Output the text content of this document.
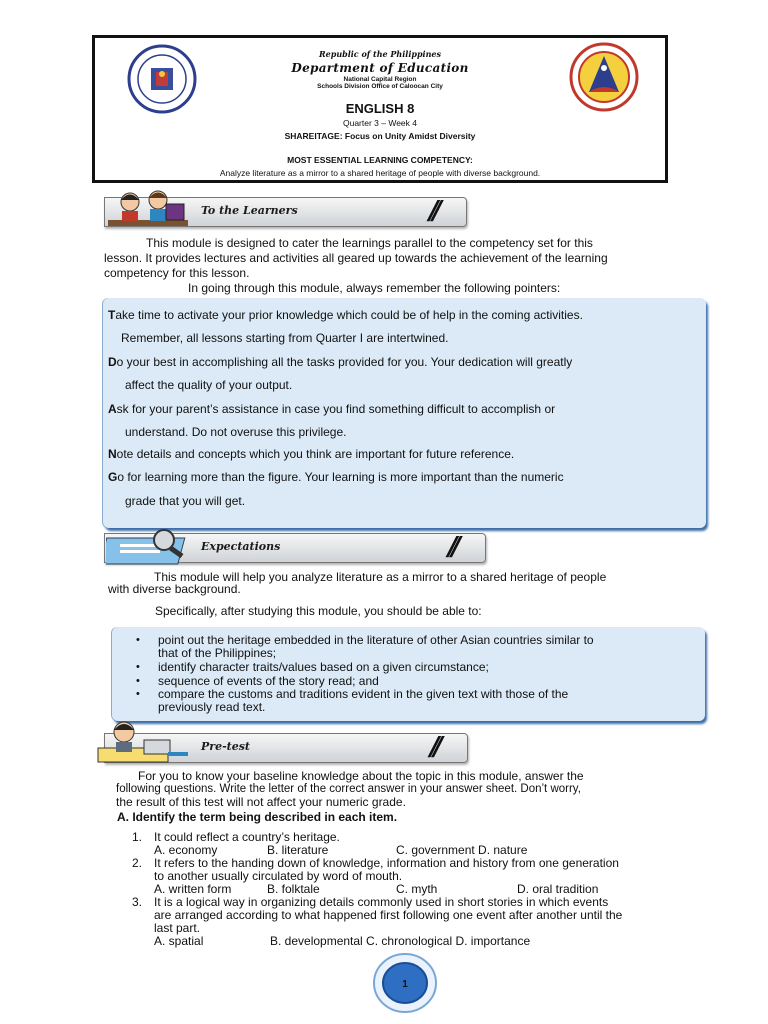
Republic of the Philippines
Department of Education
National Capital Region
Schools Division Office of Caloocan City
ENGLISH 8
Quarter 3 – Week 4
SHAREITAGE: Focus on Unity Amidst Diversity
MOST ESSENTIAL LEARNING COMPETENCY:
Analyze literature as a mirror to a shared heritage of people with diverse background.
To the Learners	//
This module is designed to cater the learnings parallel to the competency set for this
lesson. It provides lectures and activities all geared up towards the achievement of the learning
competency for this lesson.
In going through this module, always remember the following pointers:
Take time to activate your prior knowledge which could be of help in the coming activities.
Remember, all lessons starting from Quarter I are intertwined.
Do your best in accomplishing all the tasks provided for you. Your dedication will greatly
affect the quality of your output.
Ask for your parent’s assistance in case you find something difficult to accomplish or
understand. Do not overuse this privilege.
Note details and concepts which you think are important for future reference.
Go for learning more than the figure. Your learning is more important than the numeric
grade that you will get.
Expectations	//
This module will help you analyze literature as a mirror to a shared heritage of people
with diverse background.
Specifically, after studying this module, you should be able to:
• point out the heritage embedded in the literature of other Asian countries similar to
that of the Philippines;
• identify character traits/values based on a given circumstance;
• sequence of events of the story read; and
• compare the customs and traditions evident in the given text with those of the
previously read text.
Pre-test	//
For you to know your baseline knowledge about the topic in this module, answer the
following questions. Write the letter of the correct answer in your answer sheet. Don’t worry,
the result of this test will not affect your numeric grade.
A. Identify the term being described in each item.
1. It could reflect a country’s heritage.
A. economy	B. literature	C. government D. nature
2. It refers to the handing down of knowledge, information and history from one generation
to another usually circulated by word of mouth.
A. written form	B. folktale	C. myth	D. oral tradition
3. It is a logical way in organizing details commonly used in short stories in which events
are arranged according to what happened first following one event after another until the
last part.
A. spatial	B. developmental C. chronological D. importance
1
